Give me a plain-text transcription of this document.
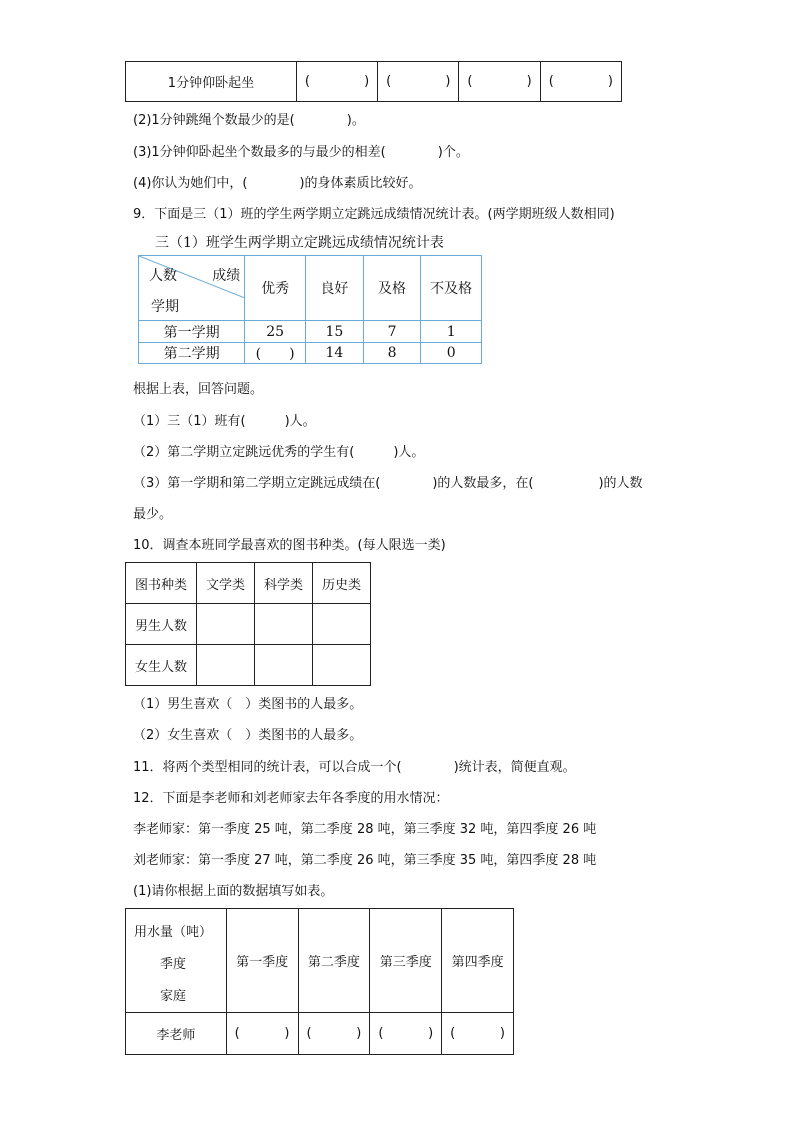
1分钟仰卧起坐	(	)	(	)	(	)	(	)
(2)1分钟跳绳个数最少的是(　　　　)。
(3)1分钟仰卧起坐个数最多的与最少的相差(　　　　)个。
(4)你认为她们中，(　　　　)的身体素质比较好。
9．下面是三（1）班的学生两学期立定跳远成绩情况统计表。(两学期班级人数相同)
三（1）班学生两学期立定跳远成绩情况统计表
成绩
人数
学期	优秀	良好	及格	不及格
第一学期	25	15	7	1
第二学期	(　　)	14	8	0
根据上表，回答问题。
（1）三（1）班有(　　　)人。
（2）第二学期立定跳远优秀的学生有(　　　)人。
（3）第一学期和第二学期立定跳远成绩在(　　　　)的人数最多，在(　　　　　)的人数
最少。
10．调查本班同学最喜欢的图书种类。(每人限选一类)
图书种类	文学类	科学类	历史类
男生人数			
女生人数			
（1）男生喜欢（　）类图书的人最多。
（2）女生喜欢（　）类图书的人最多。
11．将两个类型相同的统计表，可以合成一个(　　　　)统计表，简便直观。
12．下面是李老师和刘老师家去年各季度的用水情况：
李老师家：第一季度 25 吨，第二季度 28 吨，第三季度 32 吨，第四季度 26 吨
刘老师家：第一季度 27 吨，第二季度 26 吨，第三季度 35 吨，第四季度 28 吨
(1)请你根据上面的数据填写如表。
用水量（吨）
季度
家庭	第一季度	第二季度	第三季度	第四季度
李老师	( )	( )	( )	( )
